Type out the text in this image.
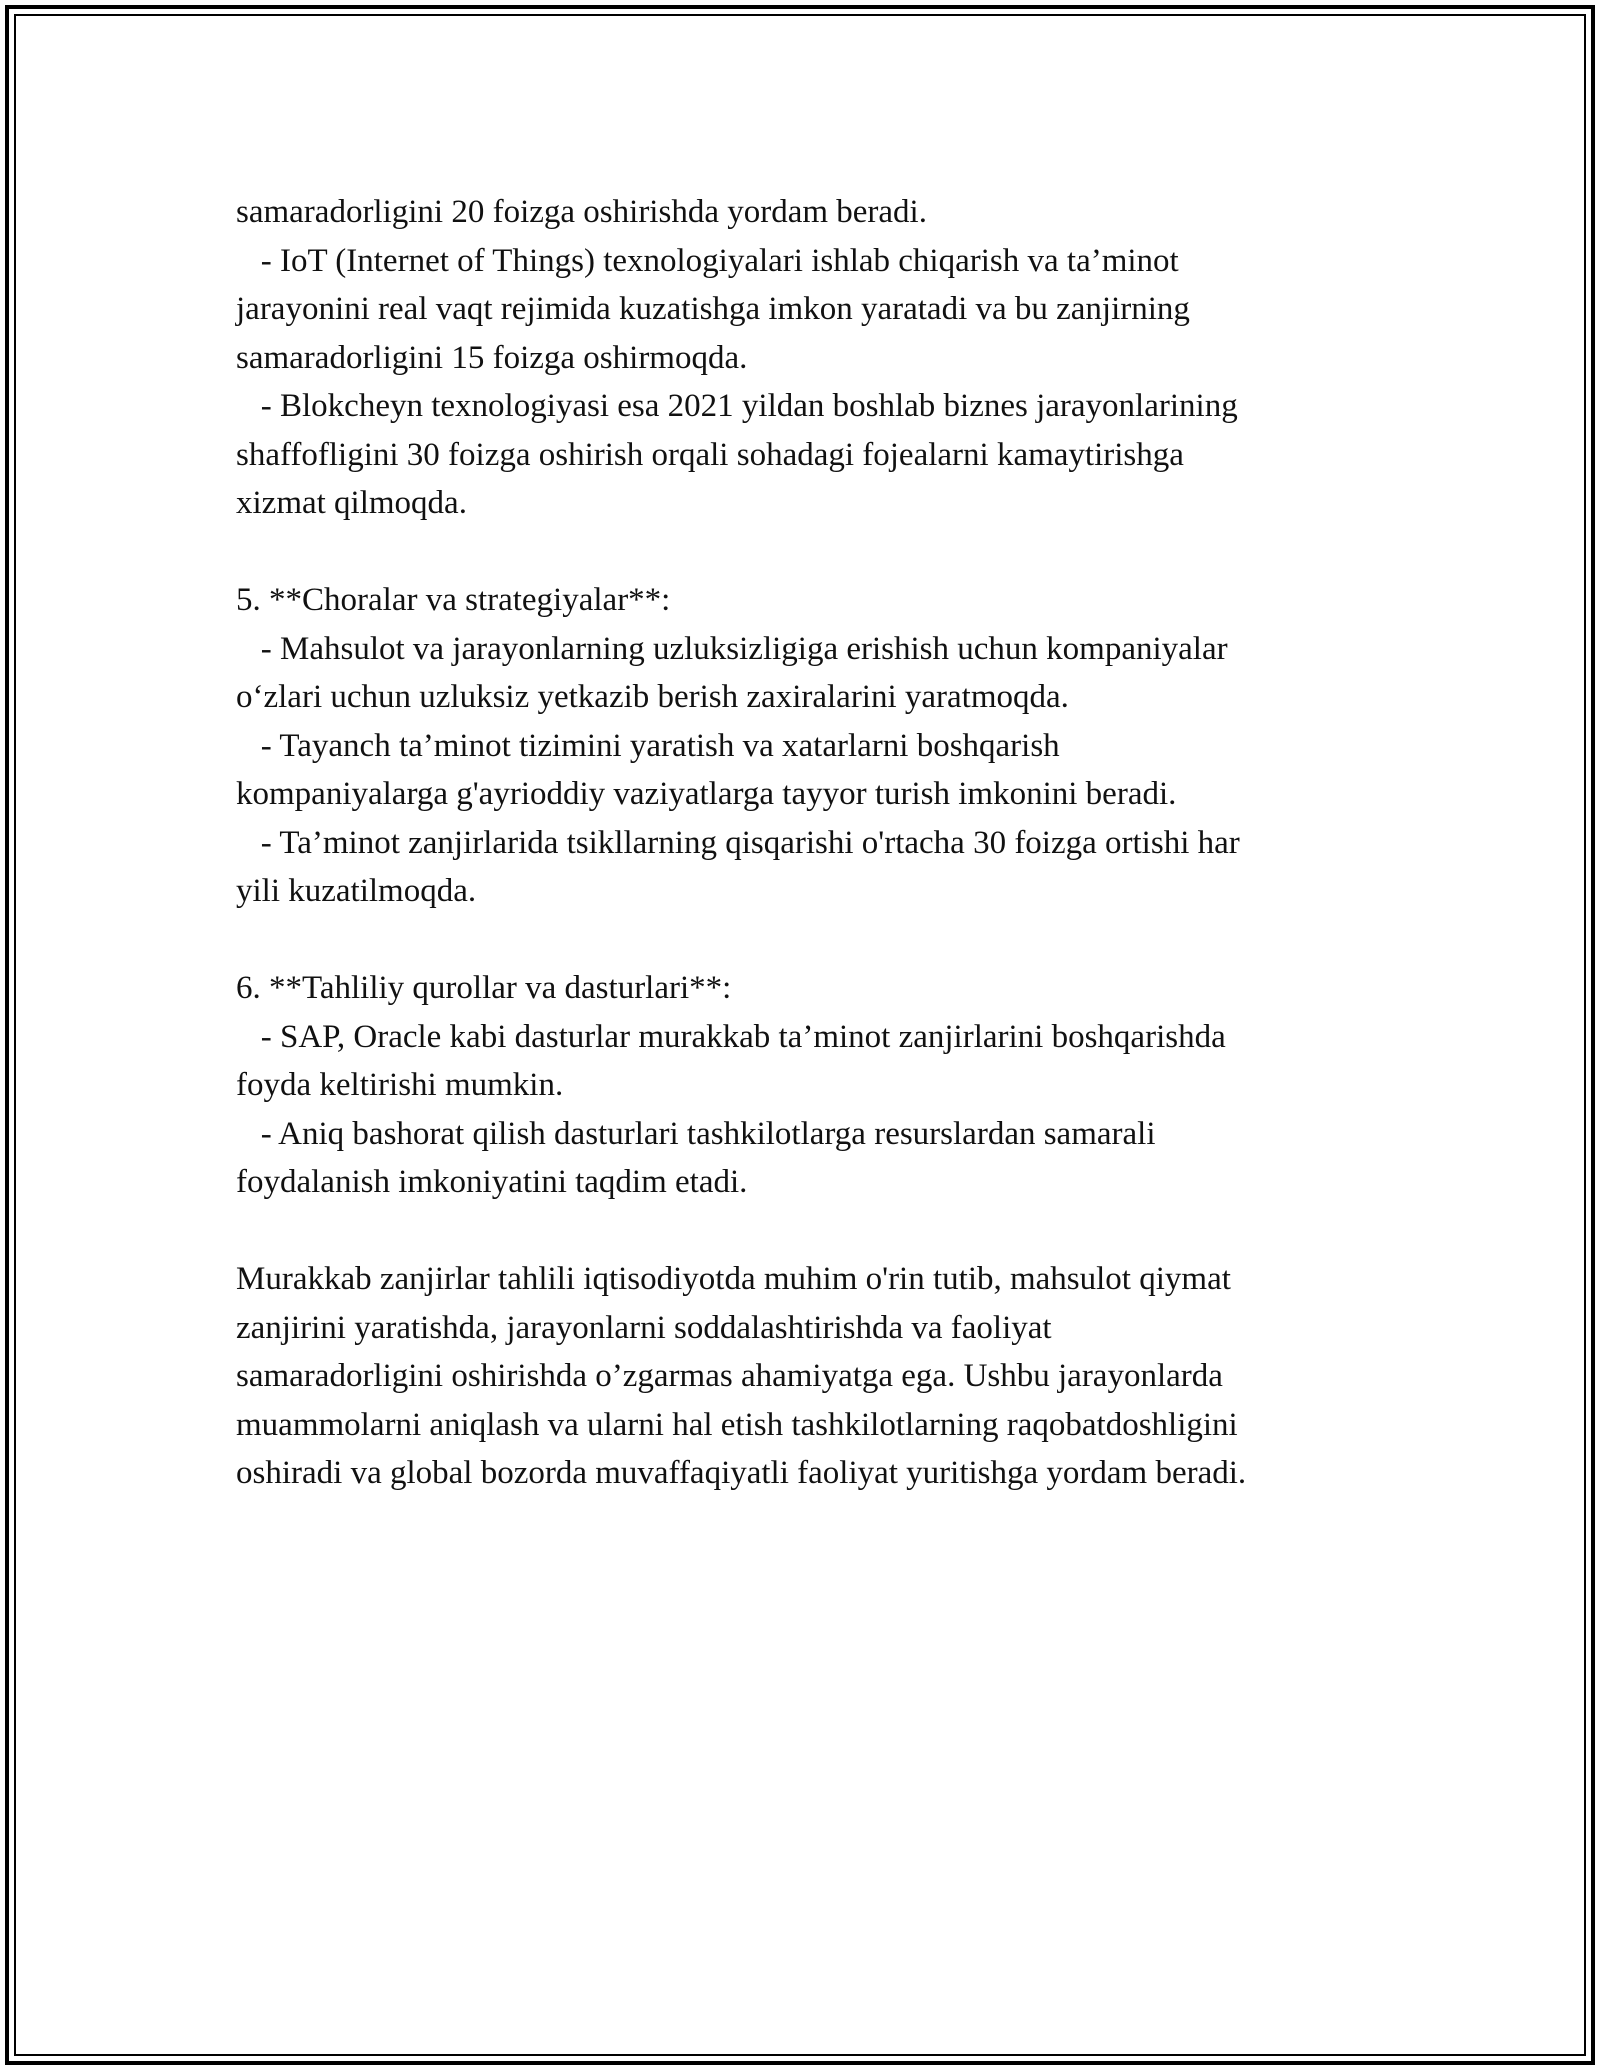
samaradorligini 20 foizga oshirishda yordam beradi.
- IoT (Internet of Things) texnologiyalari ishlab chiqarish va ta’minot
jarayonini real vaqt rejimida kuzatishga imkon yaratadi va bu zanjirning
samaradorligini 15 foizga oshirmoqda.
- Blokcheyn texnologiyasi esa 2021 yildan boshlab biznes jarayonlarining
shaffofligini 30 foizga oshirish orqali sohadagi fojealarni kamaytirishga
xizmat qilmoqda.
5. **Choralar va strategiyalar**:
- Mahsulot va jarayonlarning uzluksizligiga erishish uchun kompaniyalar
o‘zlari uchun uzluksiz yetkazib berish zaxiralarini yaratmoqda.
- Tayanch ta’minot tizimini yaratish va xatarlarni boshqarish
kompaniyalarga g'ayrioddiy vaziyatlarga tayyor turish imkonini beradi.
- Ta’minot zanjirlarida tsikllarning qisqarishi o'rtacha 30 foizga ortishi har
yili kuzatilmoqda.
6. **Tahliliy qurollar va dasturlari**:
- SAP, Oracle kabi dasturlar murakkab ta’minot zanjirlarini boshqarishda
foyda keltirishi mumkin.
- Aniq bashorat qilish dasturlari tashkilotlarga resurslardan samarali
foydalanish imkoniyatini taqdim etadi.
Murakkab zanjirlar tahlili iqtisodiyotda muhim o'rin tutib, mahsulot qiymat
zanjirini yaratishda, jarayonlarni soddalashtirishda va faoliyat
samaradorligini oshirishda o’zgarmas ahamiyatga ega. Ushbu jarayonlarda
muammolarni aniqlash va ularni hal etish tashkilotlarning raqobatdoshligini
oshiradi va global bozorda muvaffaqiyatli faoliyat yuritishga yordam beradi.
